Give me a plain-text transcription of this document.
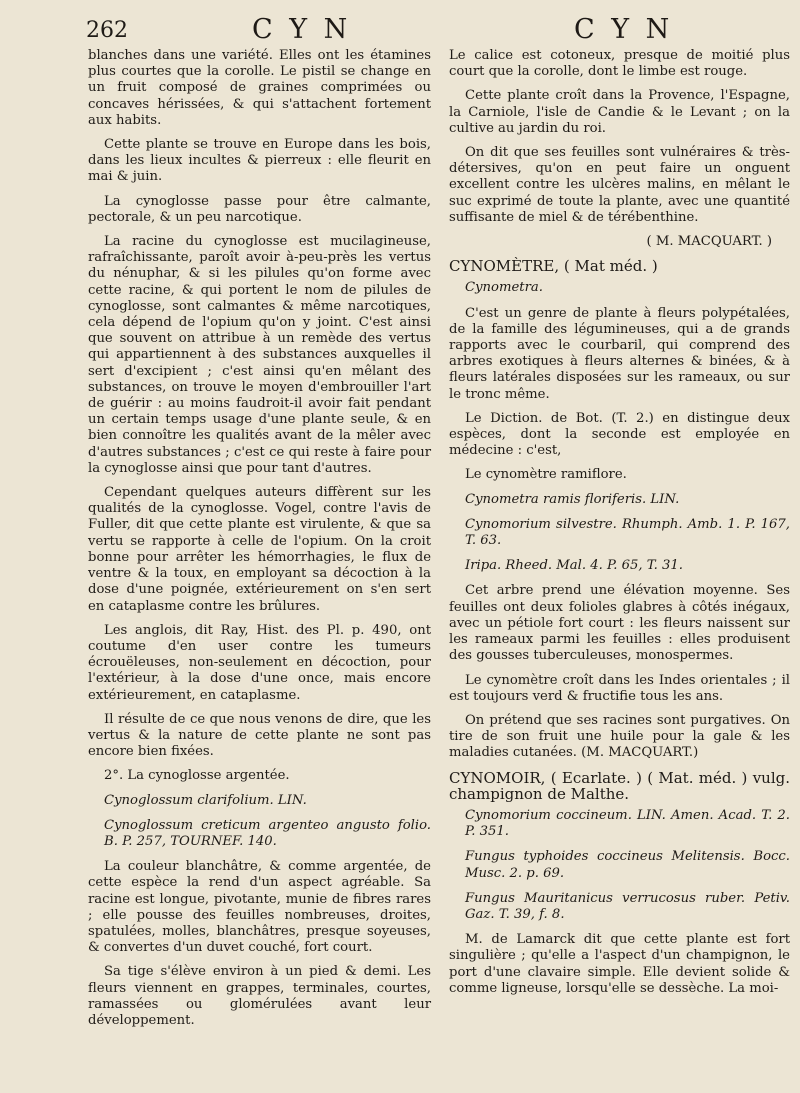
262	C Y N	C Y N

blanches dans une variété. Elles ont les étamines plus courtes que la corolle. Le pistil se change en un fruit composé de graines comprimées ou concaves hérissées, & qui s'attachent fortement aux habits.

Cette plante se trouve en Europe dans les bois, dans les lieux incultes & pierreux : elle fleurit en mai & juin.

La cynoglosse passe pour être calmante, pectorale, & un peu narcotique.

La racine du cynoglosse est mucilagineuse, rafraîchissante, paroît avoir à-peu-près les vertus du nénuphar, & si les pilules qu'on forme avec cette racine, & qui portent le nom de pilules de cynoglosse, sont calmantes & même narcotiques, cela dépend de l'opium qu'on y joint. C'est ainsi que souvent on attribue à un remède des vertus qui appartiennent à des substances auxquelles il sert d'excipient ; c'est ainsi qu'en mêlant des substances, on trouve le moyen d'embrouiller l'art de guérir : au moins faudroit-il avoir fait pendant un certain temps usage d'une plante seule, & en bien connoître les qualités avant de la mêler avec d'autres substances ; c'est ce qui reste à faire pour la cynoglosse ainsi que pour tant d'autres.

Cependant quelques auteurs diffèrent sur les qualités de la cynoglosse. Vogel, contre l'avis de Fuller, dit que cette plante est virulente, & que sa vertu se rapporte à celle de l'opium. On la croit bonne pour arrêter les hémorrhagies, le flux de ventre & la toux, en employant sa décoction à la dose d'une poignée, extérieurement on s'en sert en cataplasme contre les brûlures.

Les anglois, dit Ray, Hist. des Pl. p. 490, ont coutume d'en user contre les tumeurs écrouëleuses, non-seulement en décoction, pour l'extérieur, à la dose d'une once, mais encore extérieurement, en cataplasme.

Il résulte de ce que nous venons de dire, que les vertus & la nature de cette plante ne sont pas encore bien fixées.

2°. La cynoglosse argentée.

Cynoglossum clarifolium. LIN.

Cynoglossum creticum argenteo angusto folio. B. P. 257, TOURNEF. 140.

La couleur blanchâtre, & comme argentée, de cette espèce la rend d'un aspect agréable. Sa racine est longue, pivotante, munie de fibres rares ; elle pousse des feuilles nombreuses, droites, spatulées, molles, blanchâtres, presque soyeuses, & convertes d'un duvet couché, fort court.

Sa tige s'élève environ à un pied & demi. Les fleurs viennent en grappes, terminales, courtes, ramassées ou glomérulées avant leur développement.

Le calice est cotoneux, presque de moitié plus court que la corolle, dont le limbe est rouge.

Cette plante croît dans la Provence, l'Espagne, la Carniole, l'isle de Candie & le Levant ; on la cultive au jardin du roi.

On dit que ses feuilles sont vulnéraires & très-détersives, qu'on en peut faire un onguent excellent contre les ulcères malins, en mêlant le suc exprimé de toute la plante, avec une quantité suffisante de miel & de térébenthine.

( M. MACQUART. )

CYNOMÈTRE, ( Mat méd. )

Cynometra.

C'est un genre de plante à fleurs polypétalées, de la famille des légumineuses, qui a de grands rapports avec le courbaril, qui comprend des arbres exotiques à fleurs alternes & binées, & à fleurs latérales disposées sur les rameaux, ou sur le tronc même.

Le Diction. de Bot. (T. 2.) en distingue deux espèces, dont la seconde est employée en médecine : c'est,

Le cynomètre ramiflore.

Cynometra ramis floriferis. LIN.

Cynomorium silvestre. Rhumph. Amb. 1. P. 167, T. 63.

Iripa. Rheed. Mal. 4. P. 65, T. 31.

Cet arbre prend une élévation moyenne. Ses feuilles ont deux folioles glabres à côtés inégaux, avec un pétiole fort court : les fleurs naissent sur les rameaux parmi les feuilles : elles produisent des gousses tuberculeuses, monospermes.

Le cynomètre croît dans les Indes orientales ; il est toujours verd & fructifie tous les ans.

On prétend que ses racines sont purgatives. On tire de son fruit une huile pour la gale & les maladies cutanées. (M. MACQUART.)

CYNOMOIR, ( Ecarlate. ) ( Mat. méd. ) vulg. champignon de Malthe.

Cynomorium coccineum. LIN. Amen. Acad. T. 2. P. 351.

Fungus typhoides coccineus Melitensis. Bocc. Musc. 2. p. 69.

Fungus Mauritanicus verrucosus ruber. Petiv. Gaz. T. 39, f. 8.

M. de Lamarck dit que cette plante est fort singulière ; qu'elle a l'aspect d'un champignon, le port d'une clavaire simple. Elle devient solide & comme ligneuse, lorsqu'elle se dessèche. La moi-
